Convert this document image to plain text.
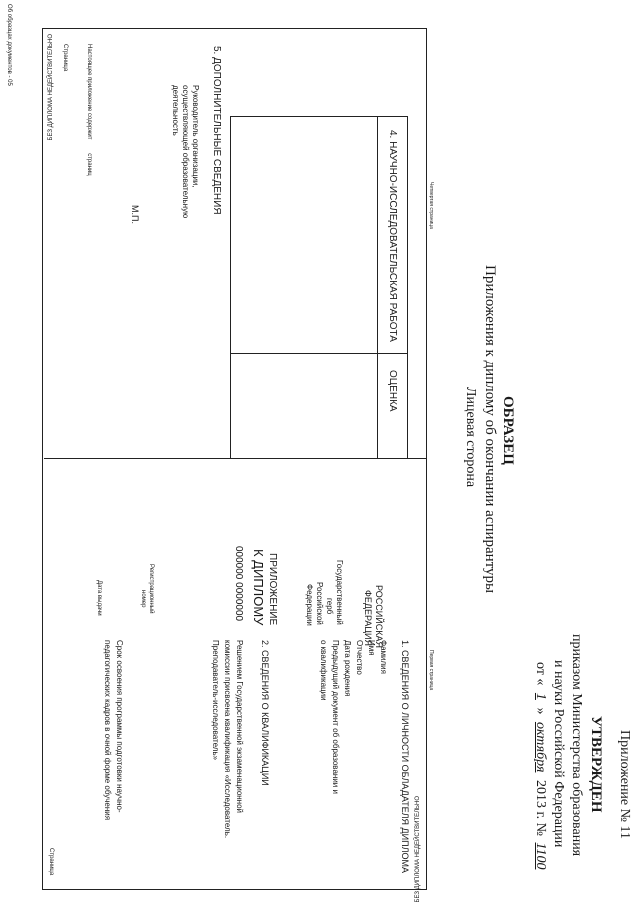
Приложение № 11
УТВЕРЖДЕН
приказом Министерства образования
и науки Российской Федерации
от « 1 » октября 2013 г. № 1100
ОБРАЗЕЦ
Приложения к диплому об окончании аспирантуры
Лицевая сторона
Четвертая страница
Первая страница
БЕЗ ДИПЛОМА НЕДЕЙСТВИТЕЛЬНО
БЕЗ ДИПЛОМА НЕДЕЙСТВИТЕЛЬНО
4. НАУЧНО-ИССЛЕДОВАТЕЛЬСКАЯ РАБОТА
ОЦЕНКА
5. ДОПОЛНИТЕЛЬНЫЕ СВЕДЕНИЯ
Руководитель организации,
осуществляющей образовательную
деятельность
М.П.
Настоящее приложение содержит страниц
Страница
РОССИЙСКАЯ
ФЕДЕРАЦИЯ
Государственный
герб
Российской
Федерации
ПРИЛОЖЕНИЕ
К ДИПЛОМУ
000000 0000000
Регистрационный
номер
Дата выдачи
1. СВЕДЕНИЯ О ЛИЧНОСТИ ОБЛАДАТЕЛЯ ДИПЛОМА
Фамилия
Имя
Отчество
Дата рождения
Предыдущий документ об образовании и
о квалификации
2. СВЕДЕНИЯ О КВАЛИФИКАЦИИ
Решением Государственной экзаменационной
комиссии присвоена квалификация «Исследователь.
Преподаватель-исследователь»
Срок освоения программы подготовки научно-
педагогических кадров в очной форме обучения
Страница
Об образцах документов - 05
